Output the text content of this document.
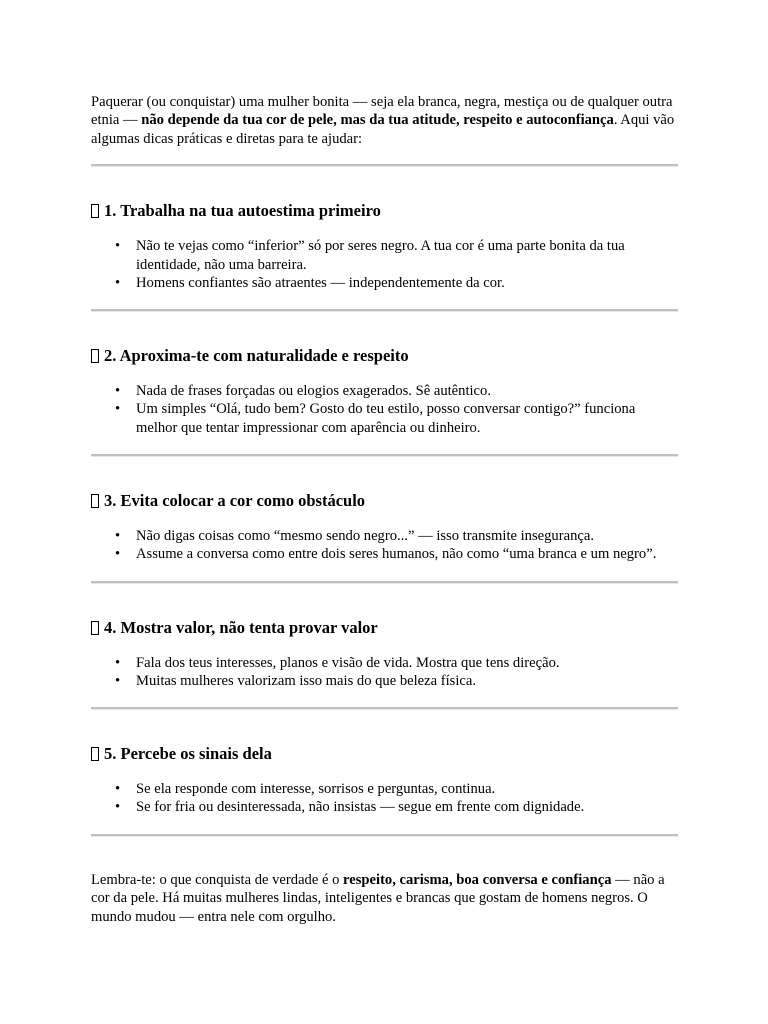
Paquerar (ou conquistar) uma mulher bonita — seja ela branca, negra, mestiça ou de qualquer outra etnia — não depende da tua cor de pele, mas da tua atitude, respeito e autoconfiança. Aqui vão algumas dicas práticas e diretas para te ajudar:

1. Trabalha na tua autoestima primeiro
• Não te vejas como “inferior” só por seres negro. A tua cor é uma parte bonita da tua identidade, não uma barreira.
• Homens confiantes são atraentes — independentemente da cor.
2. Aproxima-te com naturalidade e respeito
• Nada de frases forçadas ou elogios exagerados. Sê autêntico.
• Um simples “Olá, tudo bem? Gosto do teu estilo, posso conversar contigo?” funciona melhor que tentar impressionar com aparência ou dinheiro.
3. Evita colocar a cor como obstáculo
• Não digas coisas como “mesmo sendo negro...” — isso transmite insegurança.
• Assume a conversa como entre dois seres humanos, não como “uma branca e um negro”.
4. Mostra valor, não tenta provar valor
• Fala dos teus interesses, planos e visão de vida. Mostra que tens direção.
• Muitas mulheres valorizam isso mais do que beleza física.
5. Percebe os sinais dela
• Se ela responde com interesse, sorrisos e perguntas, continua.
• Se for fria ou desinteressada, não insistas — segue em frente com dignidade.

Lembra-te: o que conquista de verdade é o respeito, carisma, boa conversa e confiança — não a cor da pele. Há muitas mulheres lindas, inteligentes e brancas que gostam de homens negros. O mundo mudou — entra nele com orgulho.
